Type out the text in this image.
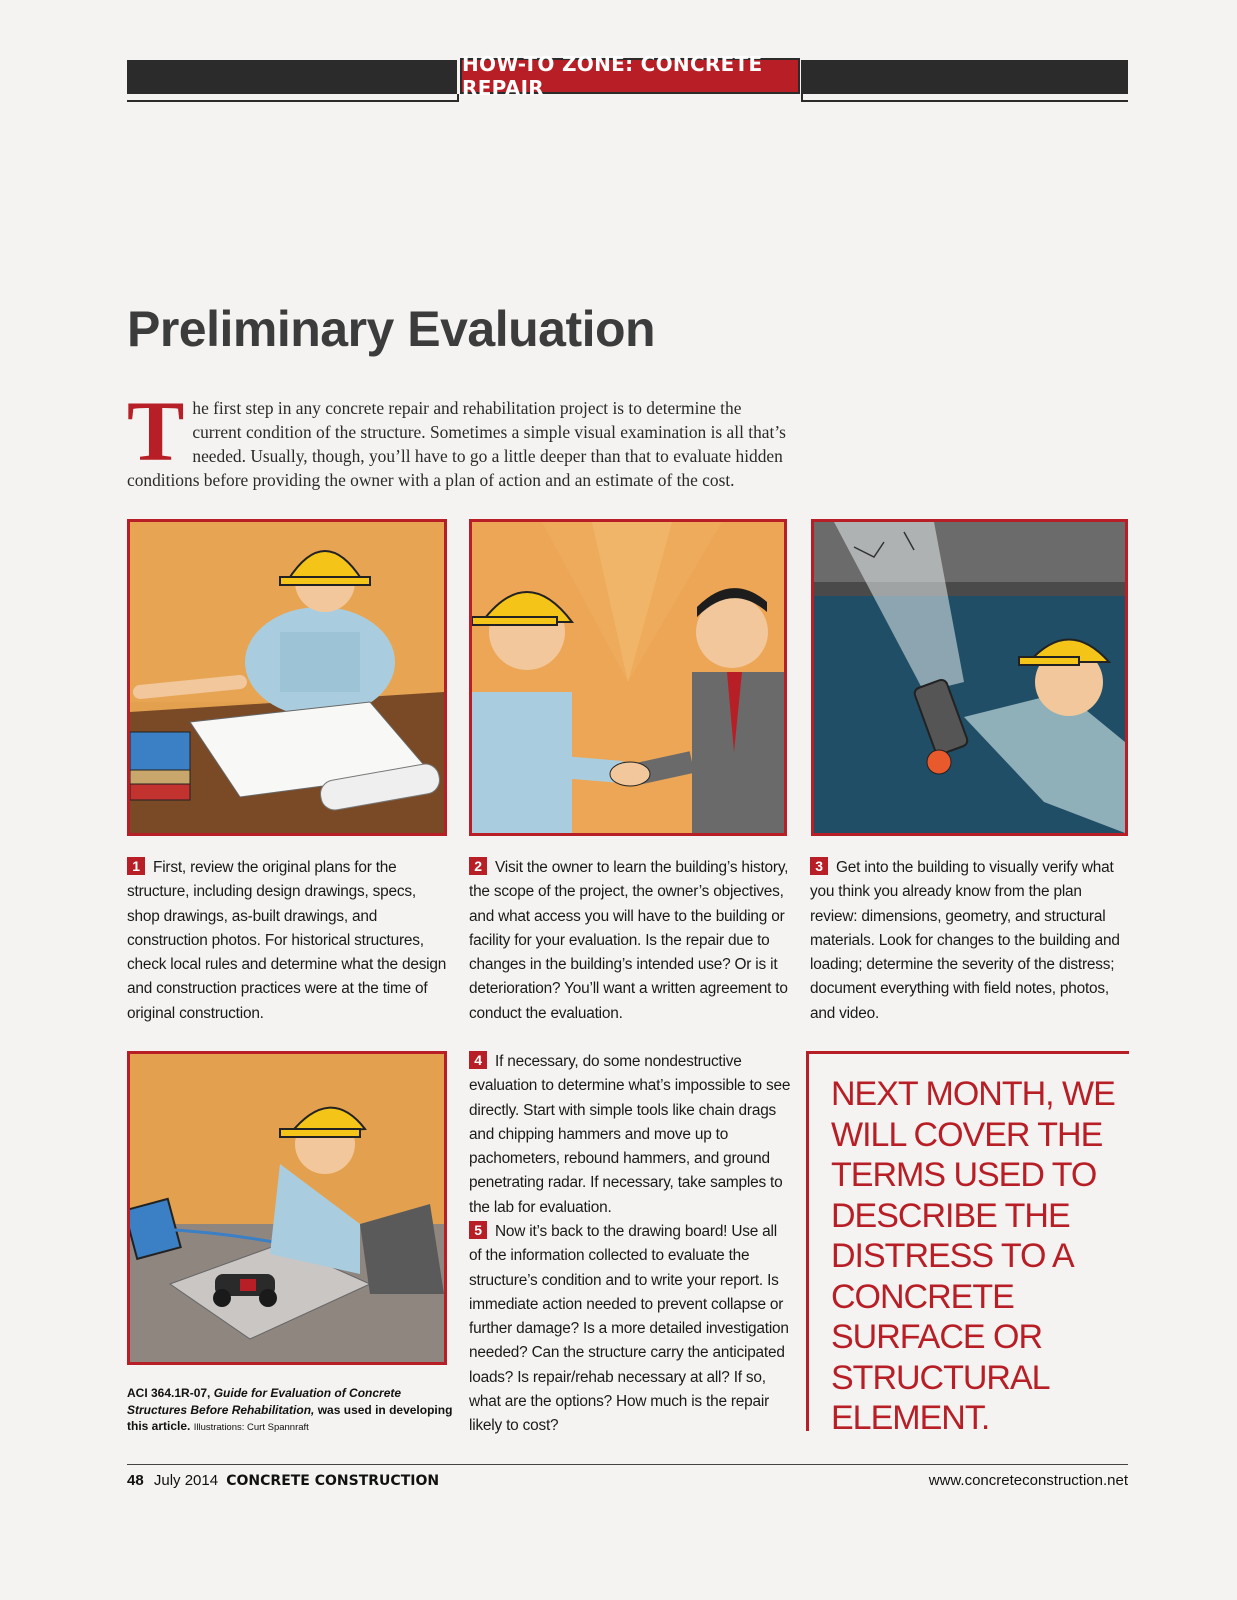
HOW-TO ZONE: CONCRETE REPAIR
Preliminary Evaluation
T he first step in any concrete repair and rehabilitation project is to determine the current condition of the structure. Sometimes a simple visual examination is all that’s needed. Usually, though, you’ll have to go a little deeper than that to evaluate hidden conditions before providing the owner with a plan of action and an estimate of the cost.
1 First, review the original plans for the structure, including design drawings, specs, shop drawings, as-built drawings, and construction photos. For historical structures, check local rules and determine what the design and construction practices were at the time of original construction.
2 Visit the owner to learn the building’s history, the scope of the project, the owner’s objectives, and what access you will have to the building or facility for your evaluation. Is the repair due to changes in the building’s intended use? Or is it deterioration? You’ll want a written agreement to conduct the evaluation.
3 Get into the building to visually verify what you think you already know from the plan review: dimensions, geometry, and structural materials. Look for changes to the building and loading; determine the severity of the distress; document everything with field notes, photos, and video.
4 If necessary, do some nondestructive evaluation to determine what’s impossible to see directly. Start with simple tools like chain drags and chipping hammers and move up to pachometers, rebound hammers, and ground penetrating radar. If necessary, take samples to the lab for evaluation.
5 Now it’s back to the drawing board! Use all of the information collected to evaluate the structure’s condition and to write your report. Is immediate action needed to prevent collapse or further damage? Is a more detailed investigation needed? Can the structure carry the anticipated loads? Is repair/rehab necessary at all? If so, what are the options? How much is the repair likely to cost?
NEXT MONTH, WE WILL COVER THE TERMS USED TO DESCRIBE THE DISTRESS TO A CONCRETE SURFACE OR STRUCTURAL ELEMENT.
ACI 364.1R-07, Guide for Evaluation of Concrete Structures Before Rehabilitation, was used in developing this article. Illustrations: Curt Spannraft
48 July 2014 CONCRETE CONSTRUCTION	www.concreteconstruction.net
